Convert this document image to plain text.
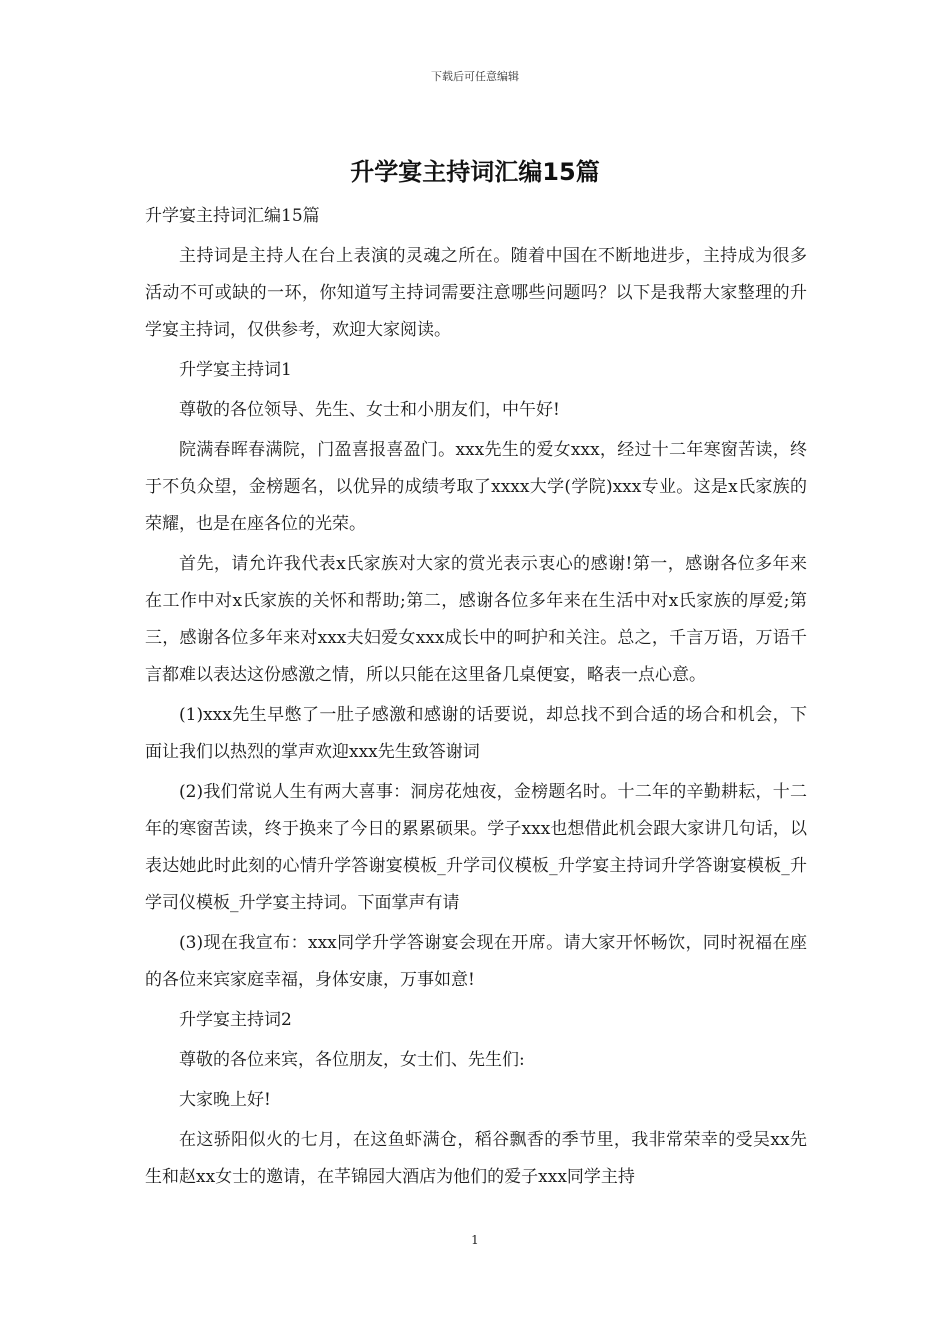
下载后可任意编辑
升学宴主持词汇编15篇

升学宴主持词汇编15篇

主持词是主持人在台上表演的灵魂之所在。随着中国在不断地进步，主持成为很多活动不可或缺的一环，你知道写主持词需要注意哪些问题吗？以下是我帮大家整理的升学宴主持词，仅供参考，欢迎大家阅读。

升学宴主持词1

尊敬的各位领导、先生、女士和小朋友们，中午好!

院满春晖春满院，门盈喜报喜盈门。xxx先生的爱女xxx，经过十二年寒窗苦读，终于不负众望，金榜题名，以优异的成绩考取了xxxx大学(学院)xxx专业。这是x氏家族的荣耀，也是在座各位的光荣。

首先，请允许我代表x氏家族对大家的赏光表示衷心的感谢!第一，感谢各位多年来在工作中对x氏家族的关怀和帮助;第二，感谢各位多年来在生活中对x氏家族的厚爱;第三，感谢各位多年来对xxx夫妇爱女xxx成长中的呵护和关注。总之，千言万语，万语千言都难以表达这份感激之情，所以只能在这里备几桌便宴，略表一点心意。

(1)xxx先生早憋了一肚子感激和感谢的话要说，却总找不到合适的场合和机会，下面让我们以热烈的掌声欢迎xxx先生致答谢词

(2)我们常说人生有两大喜事：洞房花烛夜，金榜题名时。十二年的辛勤耕耘，十二年的寒窗苦读，终于换来了今日的累累硕果。学子xxx也想借此机会跟大家讲几句话，以表达她此时此刻的心情升学答谢宴模板_升学司仪模板_升学宴主持词升学答谢宴模板_升学司仪模板_升学宴主持词。下面掌声有请

(3)现在我宣布：xxx同学升学答谢宴会现在开席。请大家开怀畅饮，同时祝福在座的各位来宾家庭幸福，身体安康，万事如意!

升学宴主持词2

尊敬的各位来宾，各位朋友，女士们、先生们:

大家晚上好!

在这骄阳似火的七月，在这鱼虾满仓，稻谷飘香的季节里，我非常荣幸的受吴xx先生和赵xx女士的邀请，在芊锦园大酒店为他们的爱子xxx同学主持

1
